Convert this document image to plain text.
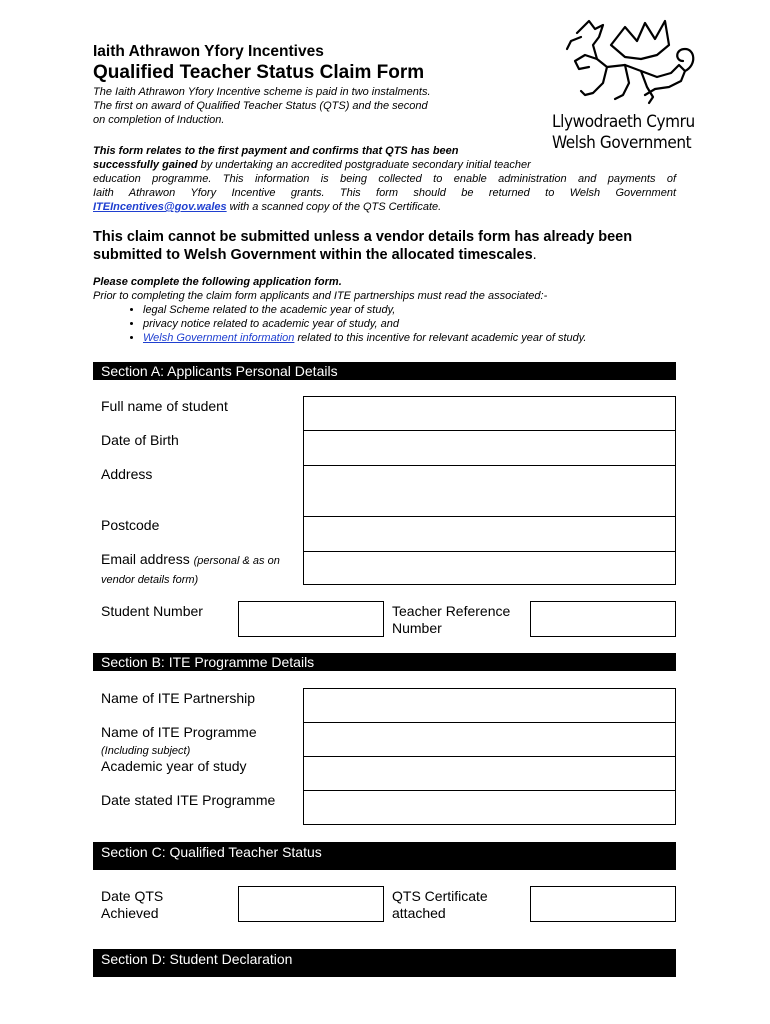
Iaith Athrawon Yfory Incentives
Qualified Teacher Status Claim Form
The Iaith Athrawon Yfory Incentive scheme is paid in two instalments.
The first on award of Qualified Teacher Status (QTS) and the second
on completion of Induction.	Llywodraeth Cymru
Welsh Government
This form relates to the first payment and confirms that QTS has been
successfully gained by undertaking an accredited postgraduate secondary initial teacher
education programme. This information is being collected to enable administration and payments of
Iaith Athrawon Yfory Incentive grants. This form should be returned to Welsh Government
ITEIncentives@gov.wales with a scanned copy of the QTS Certificate.
This claim cannot be submitted unless a vendor details form has already been submitted to Welsh Government within the allocated timescales.
Please complete the following application form.
Prior to completing the claim form applicants and ITE partnerships must read the associated:-
• legal Scheme related to the academic year of study,
• privacy notice related to academic year of study, and
• Welsh Government information related to this incentive for relevant academic year of study.
Section A: Applicants Personal Details
Full name of student
Date of Birth
Address
Postcode
Email address (personal & as on vendor details form)
Student Number	Teacher Reference Number
Section B: ITE Programme Details
Name of ITE Partnership
Name of ITE Programme
(Including subject)
Academic year of study
Date stated ITE Programme
Section C: Qualified Teacher Status
Date QTS Achieved
QTS Certificate attached
Section D: Student Declaration
